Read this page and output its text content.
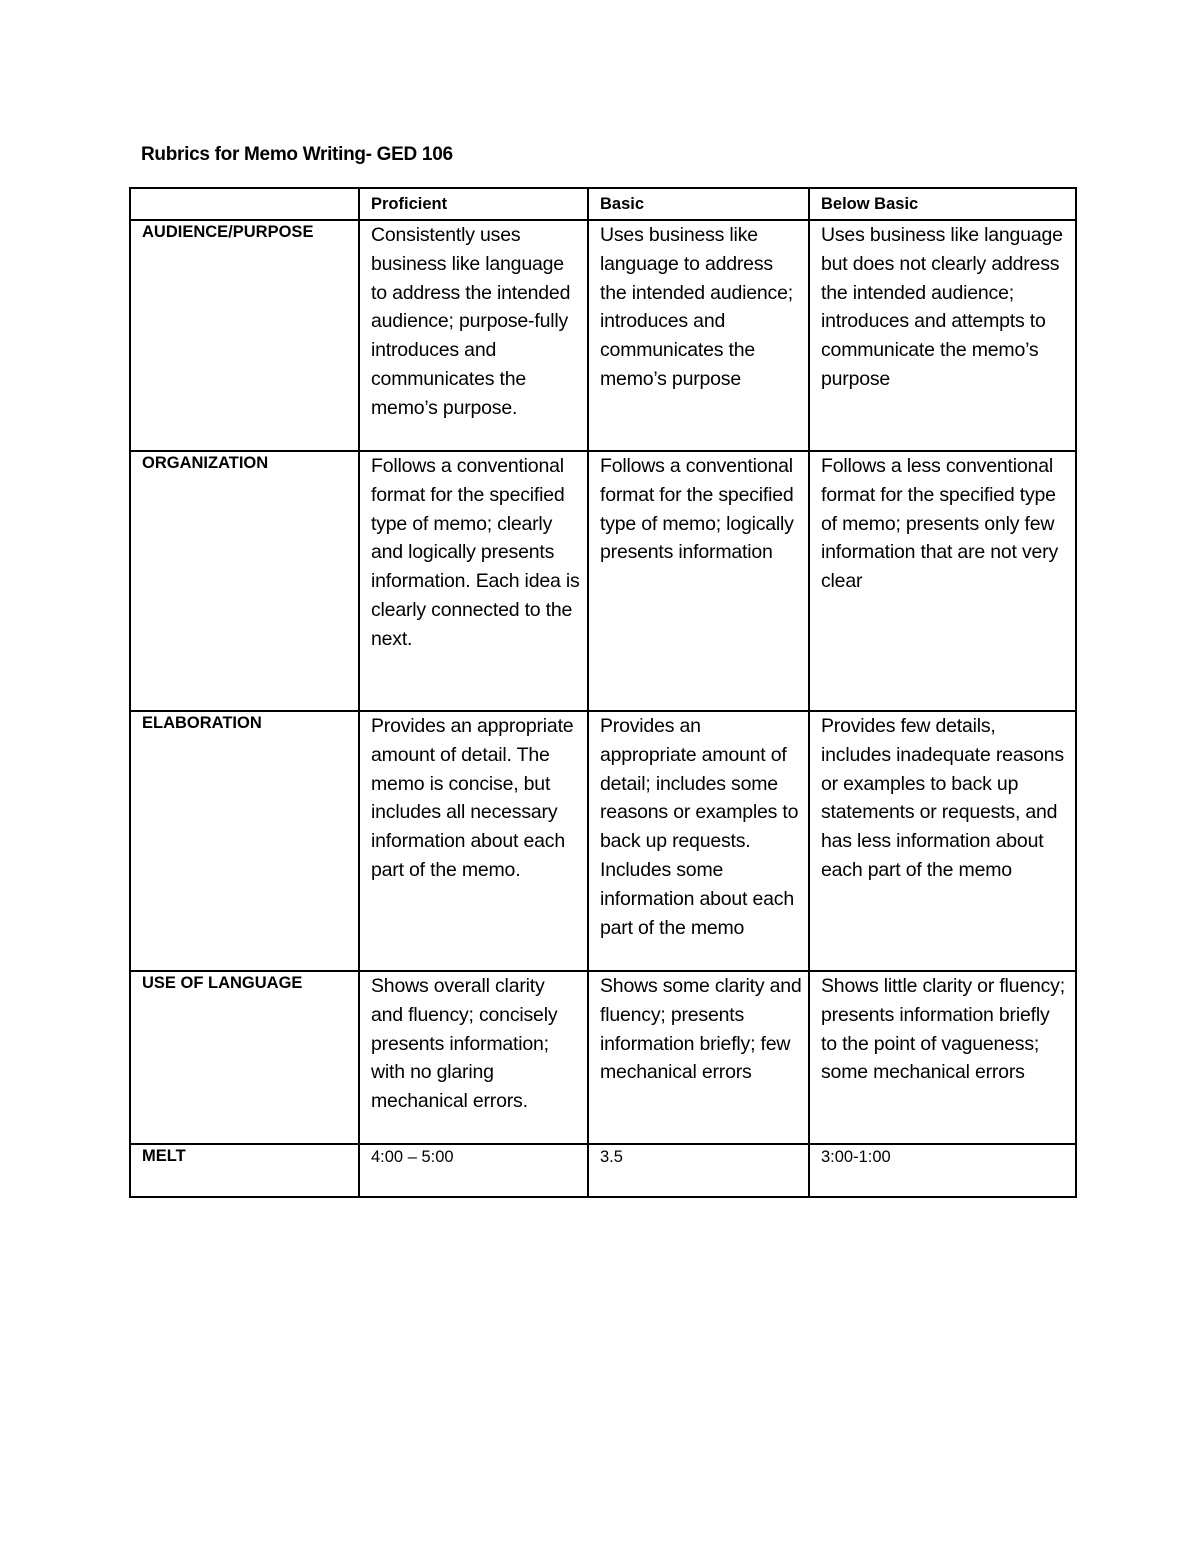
Rubrics for Memo Writing- GED 106
	Proficient	Basic	Below Basic
AUDIENCE/PURPOSE	Consistently uses business like language to address the intended audience; purpose-fully introduces and communicates the memo’s purpose.	Uses business like language to address the intended audience; introduces and communicates the memo’s purpose	Uses business like language but does not clearly address the intended audience; introduces and attempts to communicate the memo’s purpose
ORGANIZATION	Follows a conventional format for the specified type of memo; clearly and logically presents information. Each idea is clearly connected to the next.	Follows a conventional format for the specified type of memo; logically presents information	Follows a less conventional format for the specified type of memo; presents only few information that are not very clear
ELABORATION	Provides an appropriate amount of detail. The memo is concise, but includes all necessary information about each part of the memo.	Provides an appropriate amount of detail; includes some reasons or examples to back up requests. Includes some information about each part of the memo	Provides few details, includes inadequate reasons or examples to back up statements or requests, and has less information about each part of the memo
USE OF LANGUAGE	Shows overall clarity and fluency; concisely presents information; with no glaring mechanical errors.	Shows some clarity and fluency; presents information briefly; few mechanical errors	Shows little clarity or fluency; presents information briefly to the point of vagueness; some mechanical errors
MELT	4:00 – 5:00	3.5	3:00-1:00
